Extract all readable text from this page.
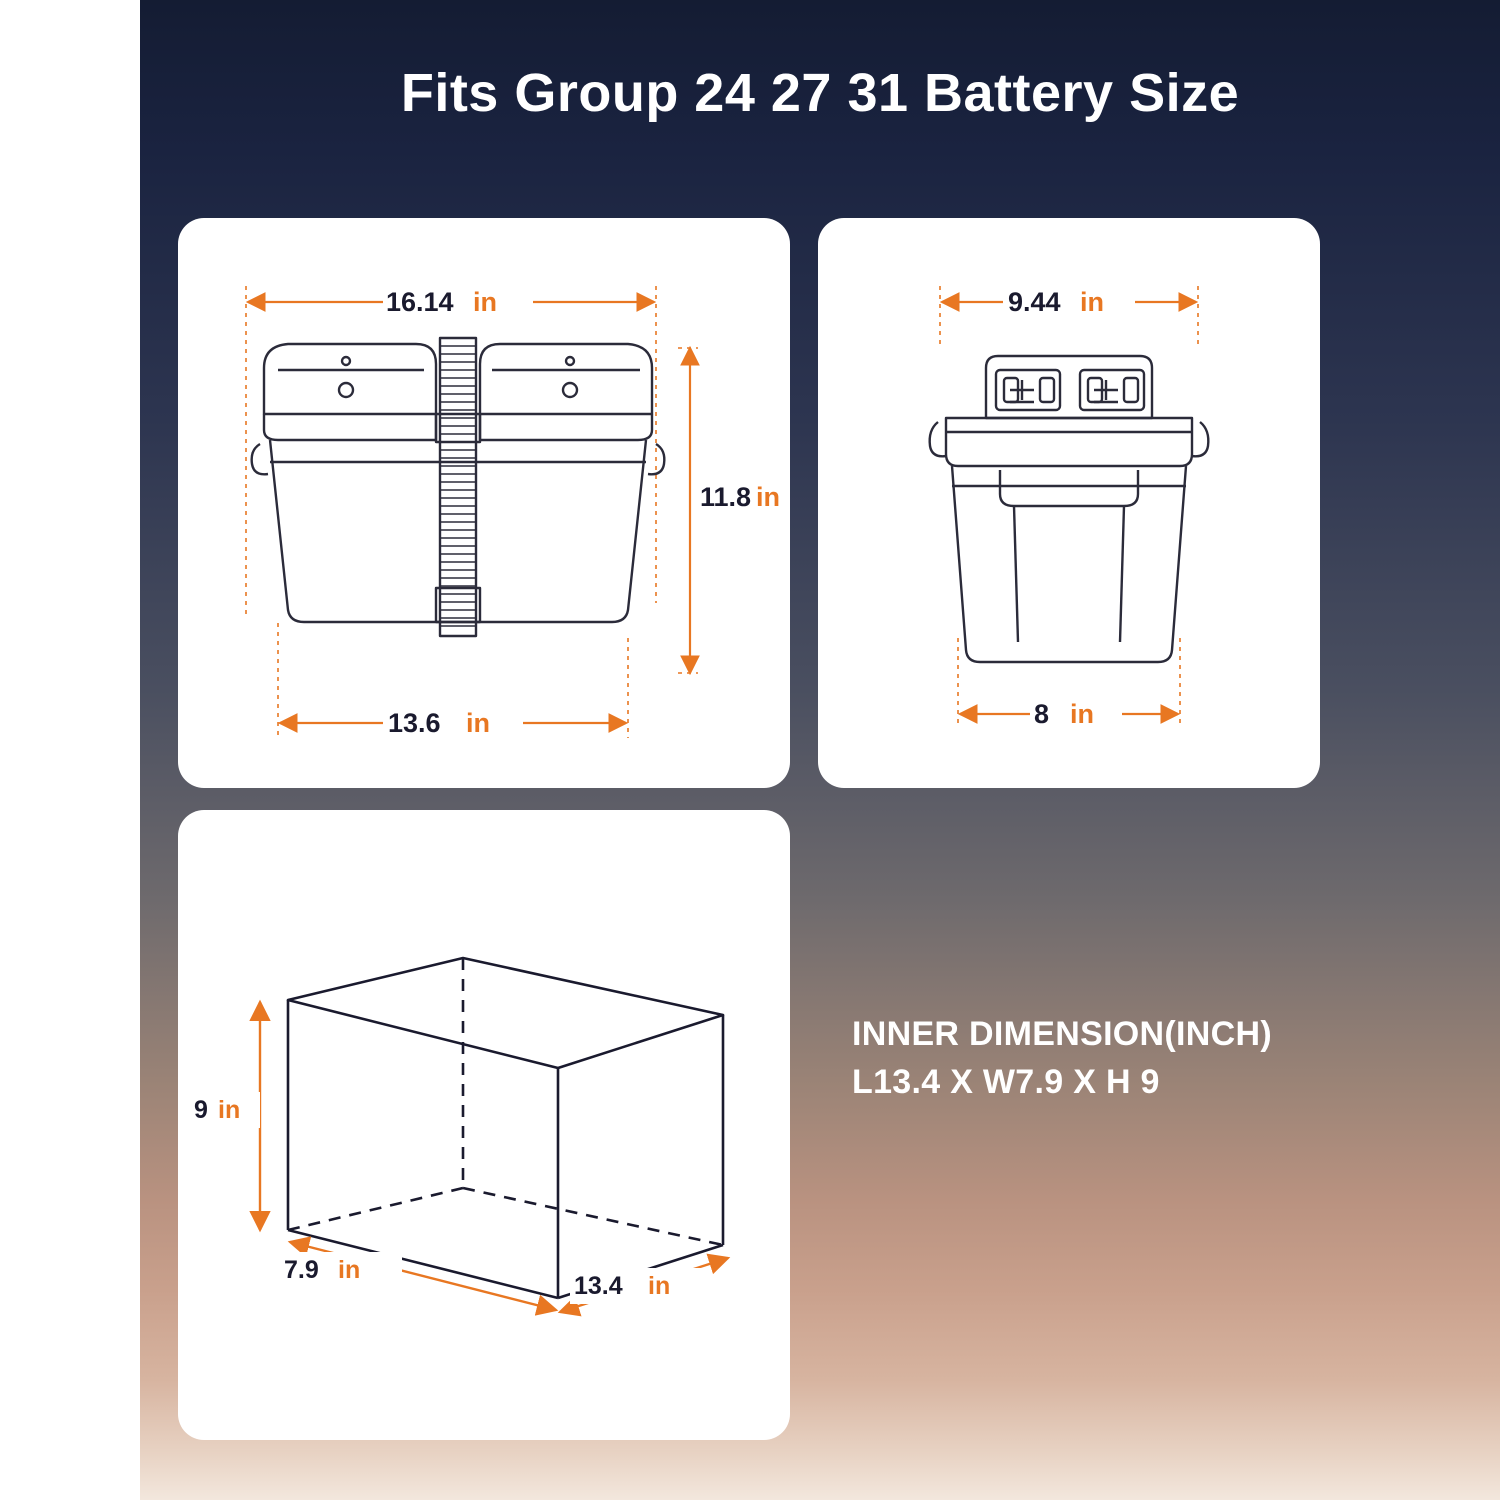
Fits Group 24 27 31 Battery Size
16.14 in
11.8 in
13.6 in
9.44 in
8 in
9 in
7.9 in
13.4 in
INNER DIMENSION(INCH)
L13.4 X W7.9 X H 9
